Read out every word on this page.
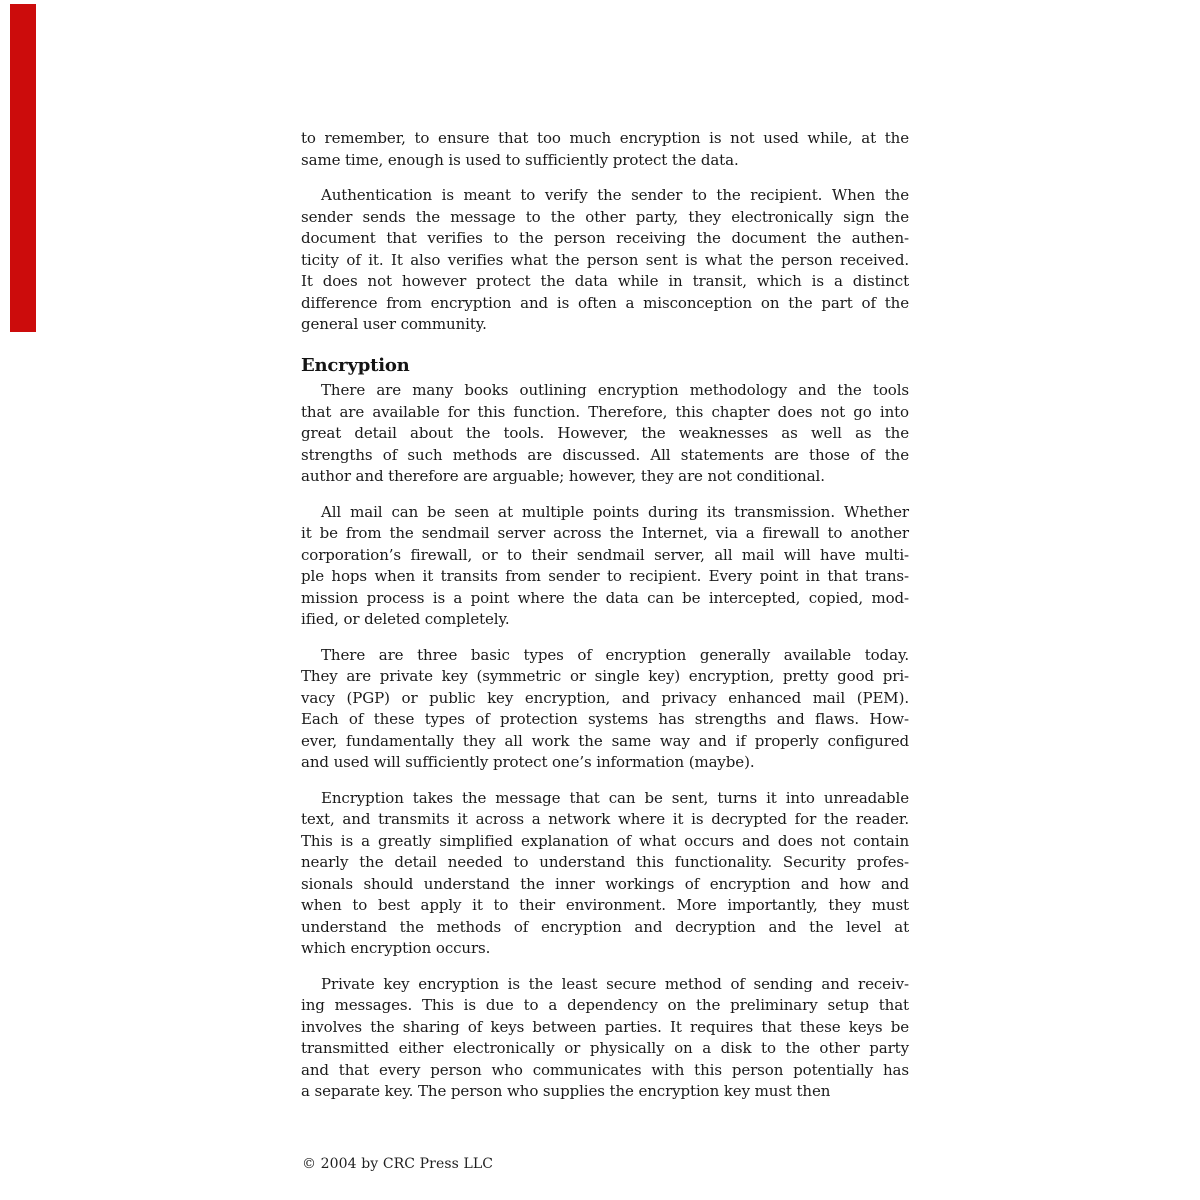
to remember, to ensure that too much encryption is not used while, at the
same time, enough is used to sufficiently protect the data.
Authentication is meant to verify the sender to the recipient. When the
sender sends the message to the other party, they electronically sign the
document that verifies to the person receiving the document the authen-
ticity of it. It also verifies what the person sent is what the person received.
It does not however protect the data while in transit, which is a distinct
difference from encryption and is often a misconception on the part of the
general user community.
Encryption
There are many books outlining encryption methodology and the tools
that are available for this function. Therefore, this chapter does not go into
great detail about the tools. However, the weaknesses as well as the
strengths of such methods are discussed. All statements are those of the
author and therefore are arguable; however, they are not conditional.
All mail can be seen at multiple points during its transmission. Whether
it be from the sendmail server across the Internet, via a firewall to another
corporation’s firewall, or to their sendmail server, all mail will have multi-
ple hops when it transits from sender to recipient. Every point in that trans-
mission process is a point where the data can be intercepted, copied, mod-
ified, or deleted completely.
There are three basic types of encryption generally available today.
They are private key (symmetric or single key) encryption, pretty good pri-
vacy (PGP) or public key encryption, and privacy enhanced mail (PEM).
Each of these types of protection systems has strengths and flaws. How-
ever, fundamentally they all work the same way and if properly configured
and used will sufficiently protect one’s information (maybe).
Encryption takes the message that can be sent, turns it into unreadable
text, and transmits it across a network where it is decrypted for the reader.
This is a greatly simplified explanation of what occurs and does not contain
nearly the detail needed to understand this functionality. Security profes-
sionals should understand the inner workings of encryption and how and
when to best apply it to their environment. More importantly, they must
understand the methods of encryption and decryption and the level at
which encryption occurs.
Private key encryption is the least secure method of sending and receiv-
ing messages. This is due to a dependency on the preliminary setup that
involves the sharing of keys between parties. It requires that these keys be
transmitted either electronically or physically on a disk to the other party
and that every person who communicates with this person potentially has
a separate key. The person who supplies the encryption key must then
© 2004 by CRC Press LLC
